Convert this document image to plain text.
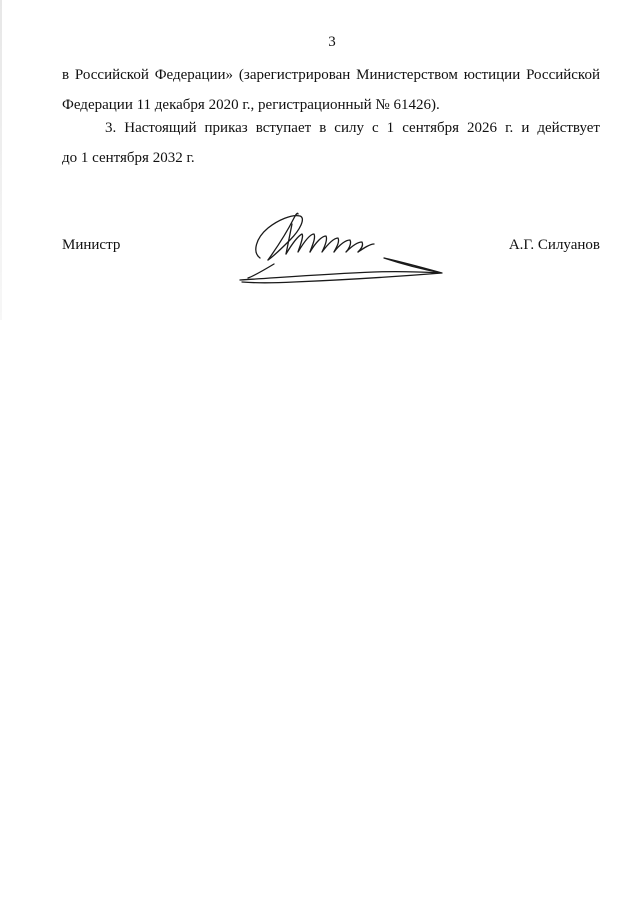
3
в Российской Федерации» (зарегистрирован Министерством юстиции Российской
Федерации 11 декабря 2020 г., регистрационный № 61426).
3. Настоящий приказ вступает в силу с 1 сентября 2026 г. и действует
до 1 сентября 2032 г.
Министр	А.Г. Силуанов
